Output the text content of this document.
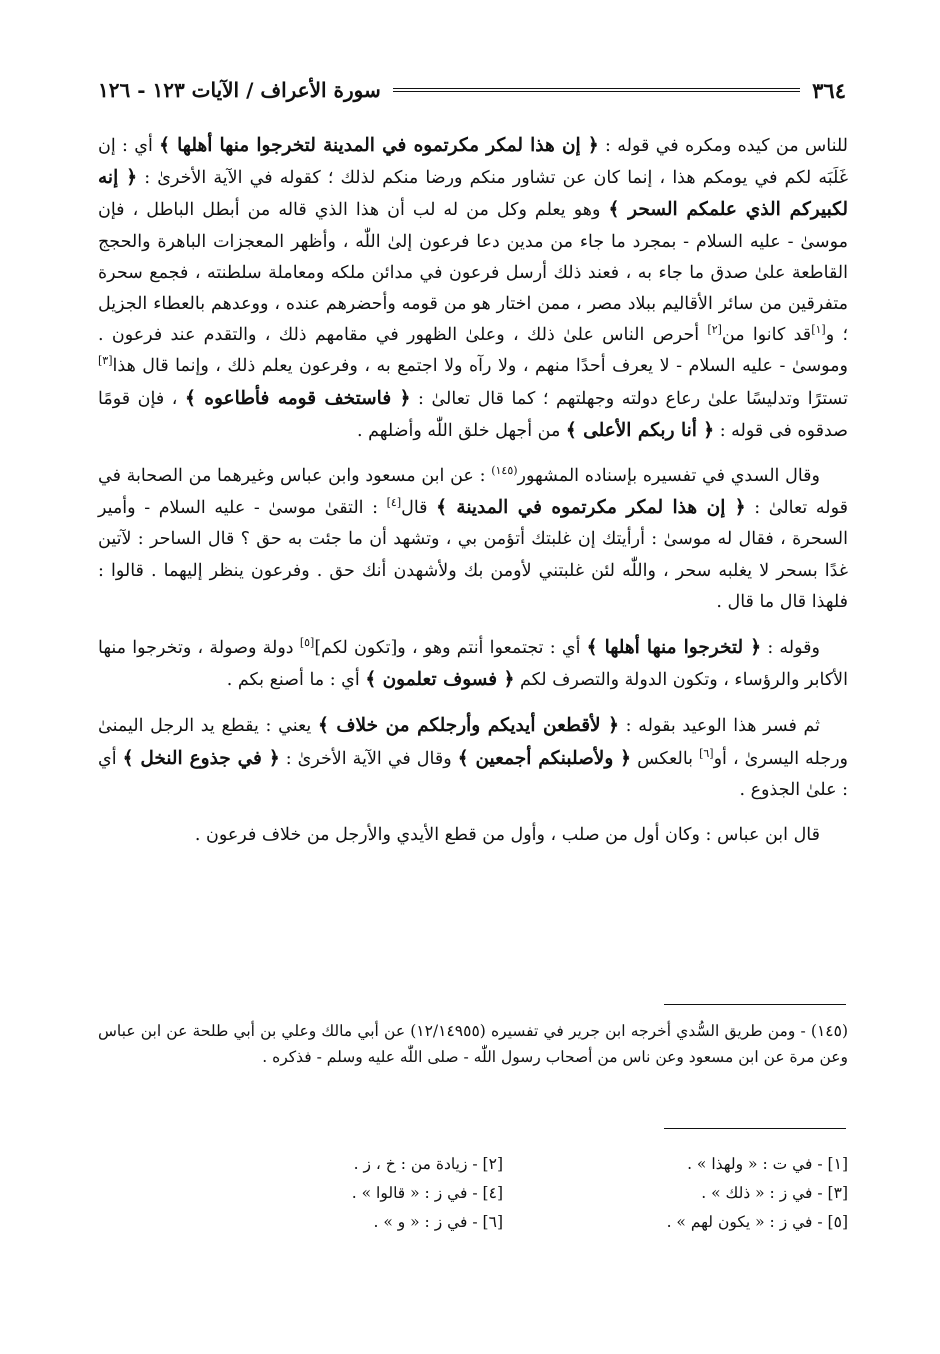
٣٦٤
سورة الأعراف / الآيات ١٢٣ - ١٢٦

للناس من كيده ومكره في قوله : ﴿ إن هذا لمكر مكرتموه في المدينة لتخرجوا منها أهلها ﴾ أي : إن غَلَبَه لكم في يومكم هذا ، إنما كان عن تشاور منكم ورضا منكم لذلك ؛ كقوله في الآية الأخرىٰ : ﴿ إنه لكبيركم الذي علمكم السحر ﴾ وهو يعلم وكل من له لب أن هذا الذي قاله من أبطل الباطل ، فإن موسىٰ - عليه السلام - بمجرد ما جاء من مدين دعا فرعون إلىٰ اللّٰه ، وأظهر المعجزات الباهرة والحجج القاطعة علىٰ صدق ما جاء به ، فعند ذلك أرسل فرعون في مدائن ملكه ومعاملة سلطنته ، فجمع سحرة متفرقين من سائر الأقاليم ببلاد مصر ، ممن اختار هو من قومه وأحضرهم عنده ، ووعدهم بالعطاء الجزيل ؛ و[١]قد كانوا من[٢] أحرص الناس علىٰ ذلك ، وعلىٰ الظهور في مقامهم ذلك ، والتقدم عند فرعون . وموسىٰ - عليه السلام - لا يعرف أحدًا منهم ، ولا رآه ولا اجتمع به ، وفرعون يعلم ذلك ، وإنما قال هذا[٣] تسترًا وتدليسًا علىٰ رعاع دولته وجهلتهم ؛ كما قال تعالىٰ : ﴿ فاستخف قومه فأطاعوه ﴾ ، فإن قومًا صدقوه فى قوله : ﴿ أنا ربكم الأعلى ﴾ من أجهل خلق اللّٰه وأضلهم .

وقال السدي في تفسيره بإسناده المشهور$^{(١٤٥)}$ : عن ابن مسعود وابن عباس وغيرهما من الصحابة في قوله تعالىٰ : ﴿ إن هذا لمكر مكرتموه في المدينة ﴾ قال[٤] : التقىٰ موسىٰ - عليه السلام - وأمير السحرة ، فقال له موسىٰ : أرأيتك إن غلبتك أتؤمن بي ، وتشهد أن ما جئت به حق ؟ قال الساحر : لآتين غدًا بسحر لا يغلبه سحر ، واللّٰه لئن غلبتني لأومن بك ولأشهدن أنك حق . وفرعون ينظر إليهما . قالوا : فلهذا قال ما قال .

وقوله : ﴿ لتخرجوا منها أهلها ﴾ أي : تجتمعوا أنتم وهو ، و[تكون لكم][٥] دولة وصولة ، وتخرجوا منها الأكابر والرؤساء ، وتكون الدولة والتصرف لكم ﴿ فسوف تعلمون ﴾ أي : ما أصنع بكم .

ثم فسر هذا الوعيد بقوله : ﴿ لأقطعن أيديكم وأرجلكم من خلاف ﴾ يعني : يقطع يد الرجل اليمنىٰ ورجله اليسرىٰ ، أو[٦] بالعكس ﴿ ولأصلبنكم أجمعين ﴾ وقال في الآية الأخرىٰ : ﴿ في جذوع النخل ﴾ أي : علىٰ الجذوع .

قال ابن عباس : وكان أول من صلب ، وأول من قطع الأيدي والأرجل من خلاف فرعون .

(١٤٥) - ومن طريق السُّدي أخرجه ابن جرير في تفسيره (١٢/١٤٩٥٥) عن أبي مالك وعلي بن أبي طلحة عن ابن عباس وعن مرة عن ابن مسعود وعن ناس من أصحاب رسول اللّٰه - صلى اللّٰه عليه وسلم - فذكره .

[١] - في ت : « ولهذا » .
[٢] - زيادة من : خ ، ز .
[٣] - في ز : « ذلك » .
[٤] - في ز : « قالوا » .
[٥] - في ز : « يكون لهم » .
[٦] - في ز : « و » .
